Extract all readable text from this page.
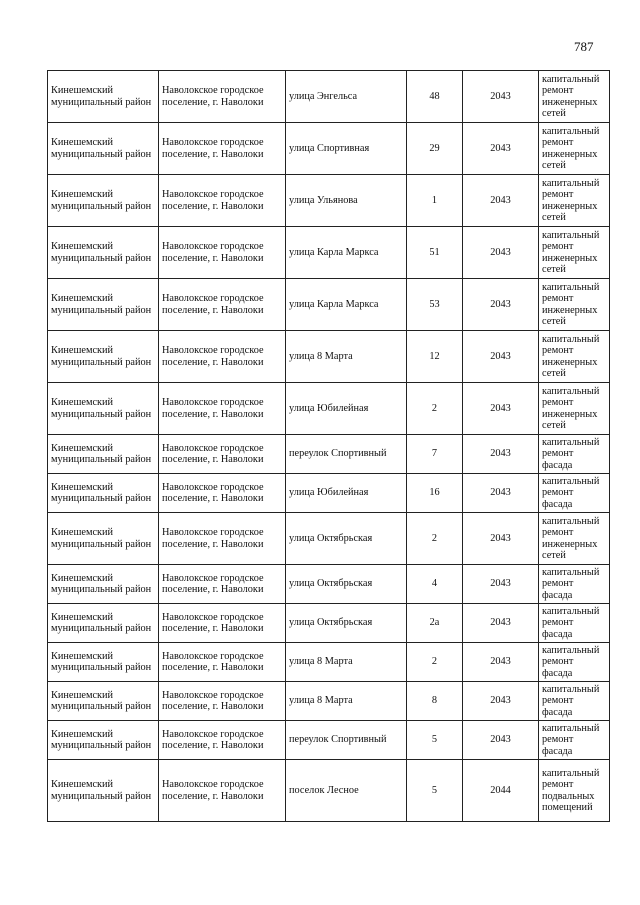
787
Кинешемский муниципальный район	Наволокское городское поселение, г. Наволоки	улица Энгельса	48	2043	капитальный ремонт инженерных сетей
Кинешемский муниципальный район	Наволокское городское поселение, г. Наволоки	улица Спортивная	29	2043	капитальный ремонт инженерных сетей
Кинешемский муниципальный район	Наволокское городское поселение, г. Наволоки	улица Ульянова	1	2043	капитальный ремонт инженерных сетей
Кинешемский муниципальный район	Наволокское городское поселение, г. Наволоки	улица Карла Маркса	51	2043	капитальный ремонт инженерных сетей
Кинешемский муниципальный район	Наволокское городское поселение, г. Наволоки	улица Карла Маркса	53	2043	капитальный ремонт инженерных сетей
Кинешемский муниципальный район	Наволокское городское поселение, г. Наволоки	улица 8 Марта	12	2043	капитальный ремонт инженерных сетей
Кинешемский муниципальный район	Наволокское городское поселение, г. Наволоки	улица Юбилейная	2	2043	капитальный ремонт инженерных сетей
Кинешемский муниципальный район	Наволокское городское поселение, г. Наволоки	переулок Спортивный	7	2043	капитальный ремонт фасада
Кинешемский муниципальный район	Наволокское городское поселение, г. Наволоки	улица Юбилейная	16	2043	капитальный ремонт фасада
Кинешемский муниципальный район	Наволокское городское поселение, г. Наволоки	улица Октябрьская	2	2043	капитальный ремонт инженерных сетей
Кинешемский муниципальный район	Наволокское городское поселение, г. Наволоки	улица Октябрьская	4	2043	капитальный ремонт фасада
Кинешемский муниципальный район	Наволокское городское поселение, г. Наволоки	улица Октябрьская	2а	2043	капитальный ремонт фасада
Кинешемский муниципальный район	Наволокское городское поселение, г. Наволоки	улица 8 Марта	2	2043	капитальный ремонт фасада
Кинешемский муниципальный район	Наволокское городское поселение, г. Наволоки	улица 8 Марта	8	2043	капитальный ремонт фасада
Кинешемский муниципальный район	Наволокское городское поселение, г. Наволоки	переулок Спортивный	5	2043	капитальный ремонт фасада
Кинешемский муниципальный район	Наволокское городское поселение, г. Наволоки	поселок Лесное	5	2044	капитальный ремонт подвальных помещений
